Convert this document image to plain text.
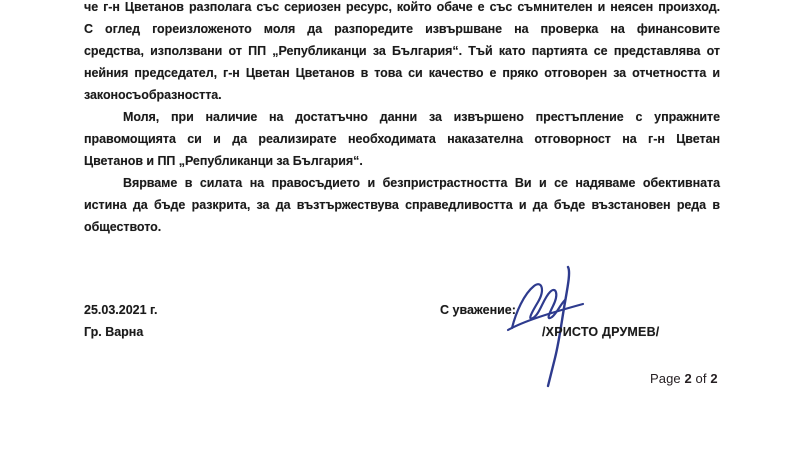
че г-н Цветанов разполага със сериозен ресурс, който обаче е със съмнителен и неясен произход.
С оглед гореизложеното моля да разпоредите извършване на проверка на финансовите
средства, използвани от ПП „Републиканци за България“. Тъй като партията се представлява от
нейния председател, г-н Цветан Цветанов в това си качество е пряко отговорен за отчетността и
законосъобразността.
Моля, при наличие на достатъчно данни за извършено престъпление с упражните
правомощията си и да реализирате необходимата наказателна отговорност на г-н Цветан
Цветанов и ПП „Републиканци за България“.
Вярваме в силата на правосъдието и безпристрастността Ви и се надяваме обективната
истина да бъде разкрита, за да възтържествува справедливостта и да бъде възстановен реда в
обществото.
25.03.2021 г.
Гр. Варна
С уважение:
/ХРИСТО ДРУМЕВ/
Page 2 of 2
